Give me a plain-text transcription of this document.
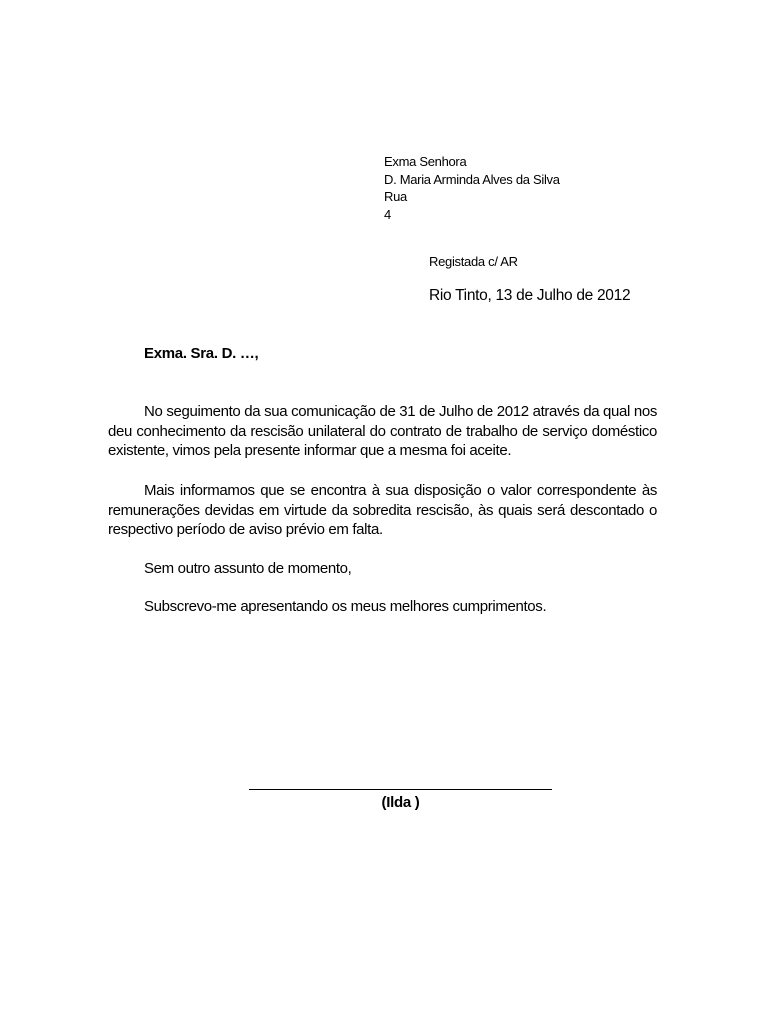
Exma Senhora
D. Maria Arminda Alves da Silva
Rua
4
Registada c/ AR
Rio Tinto, 13 de Julho de 2012
Exma. Sra. D. …,

No seguimento da sua comunicação de 31 de Julho de 2012 através da qual nos deu conhecimento da rescisão unilateral do contrato de trabalho de serviço doméstico existente, vimos pela presente informar que a mesma foi aceite.

Mais informamos que se encontra à sua disposição o valor correspondente às remunerações devidas em virtude da sobredita rescisão, às quais será descontado o respectivo período de aviso prévio em falta.

Sem outro assunto de momento,

Subscrevo-me apresentando os meus melhores cumprimentos.

(Ilda )
